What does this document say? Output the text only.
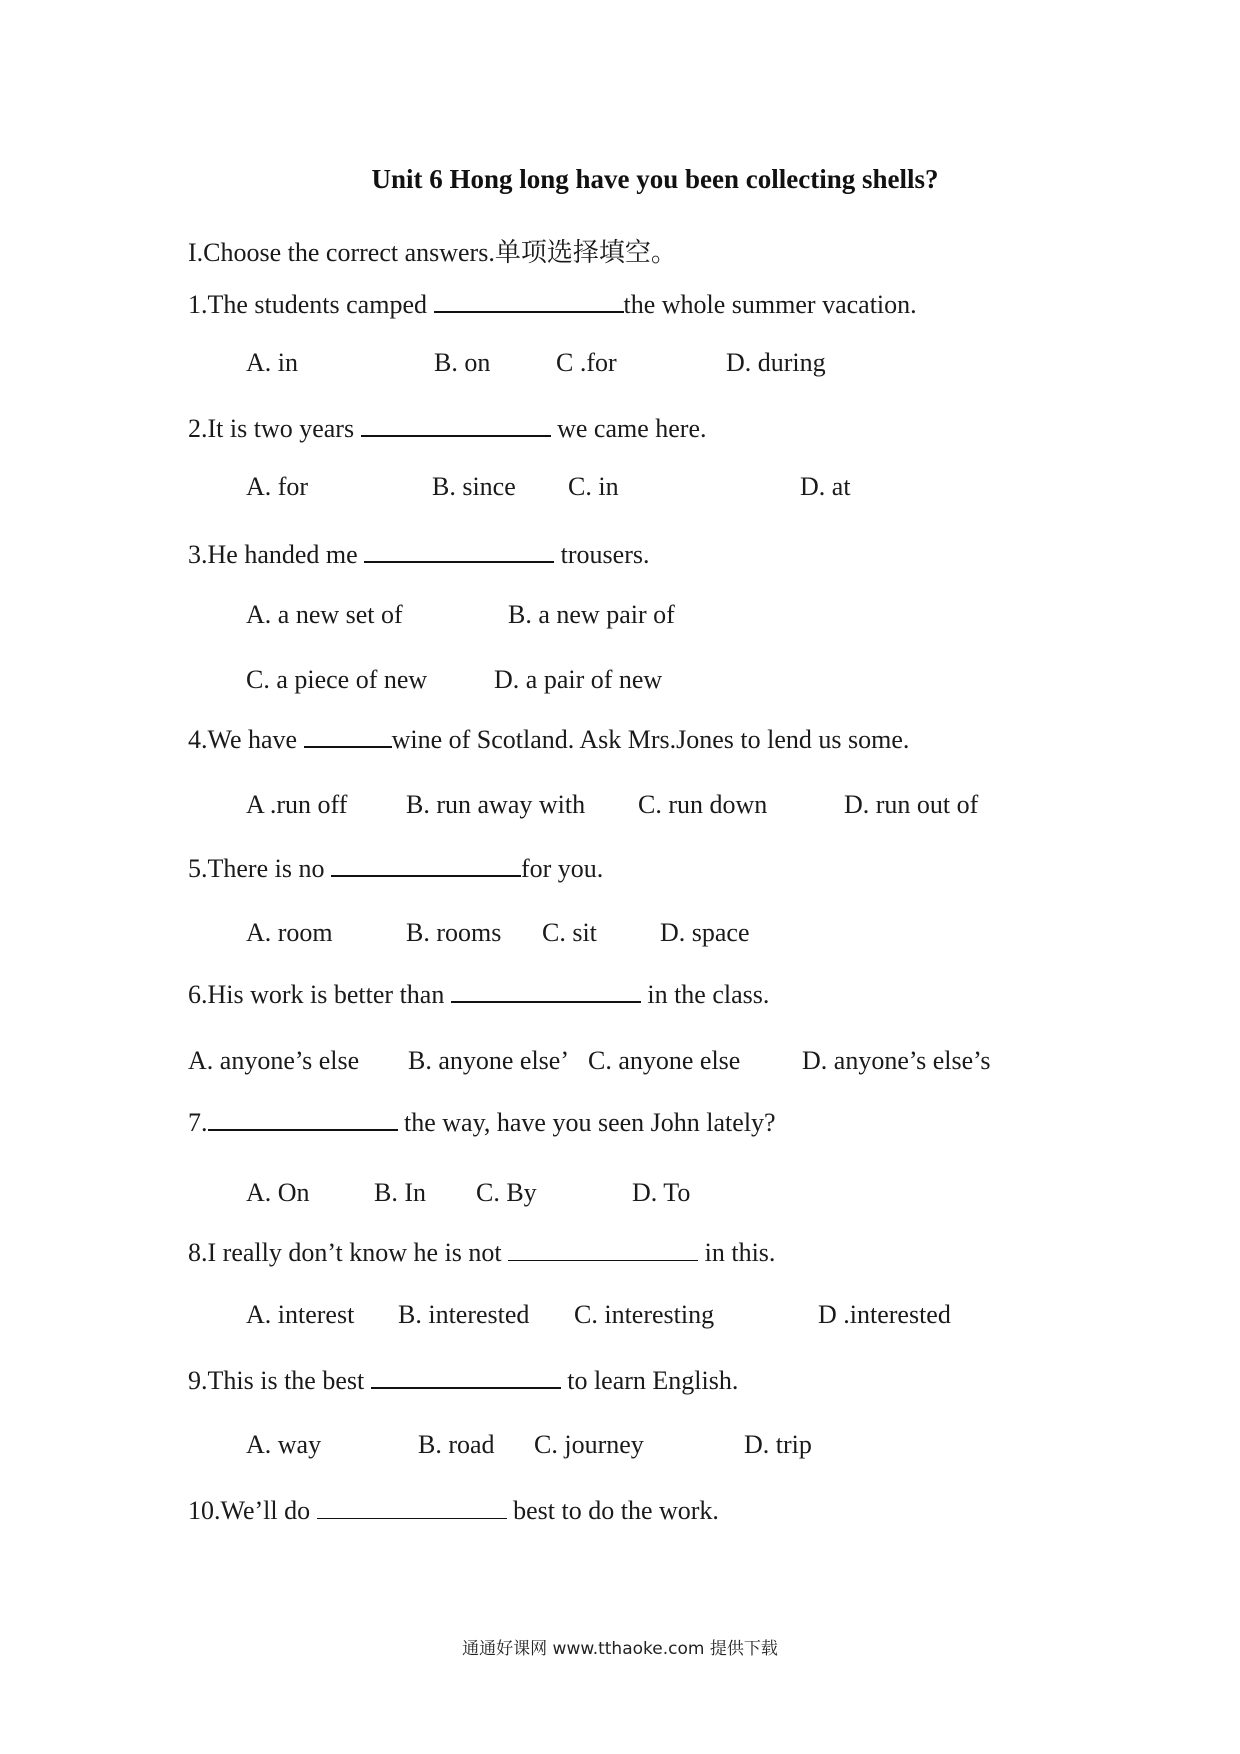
Unit 6 Hong long have you been collecting shells?
I.Choose the correct answers.单项选择填空。
1.The students camped	the whole summer vacation.
A. in	B. on	C .for	D. during
2.It is two years	we came here.
A. for	B. since C. in	D. at
3.He handed me	trousers.
A. a new set of	B. a new pair of
C. a piece of new	D. a pair of new
4.We have	wine of Scotland. Ask Mrs.Jones to lend us some.
A .run off B. run away with C. run down	D. run out of
5.There is no	for you.
A. room	B. rooms C. sit D. space
6.His work is better than	in the class.
A. anyone’s else B. anyone else’ C. anyone else D. anyone’s else’s
7.	the way, have you seen John lately?
A. On B. In C. By	D. To
8.I really don’t know he is not	in this.
A. interest B. interested C. interesting	D .interested
9.This is the best	to learn English.
A. way	B. road C. journey	D. trip
10.We’ll do	best to do the work.
通通好课网 www.tthaoke.com 提供下载
